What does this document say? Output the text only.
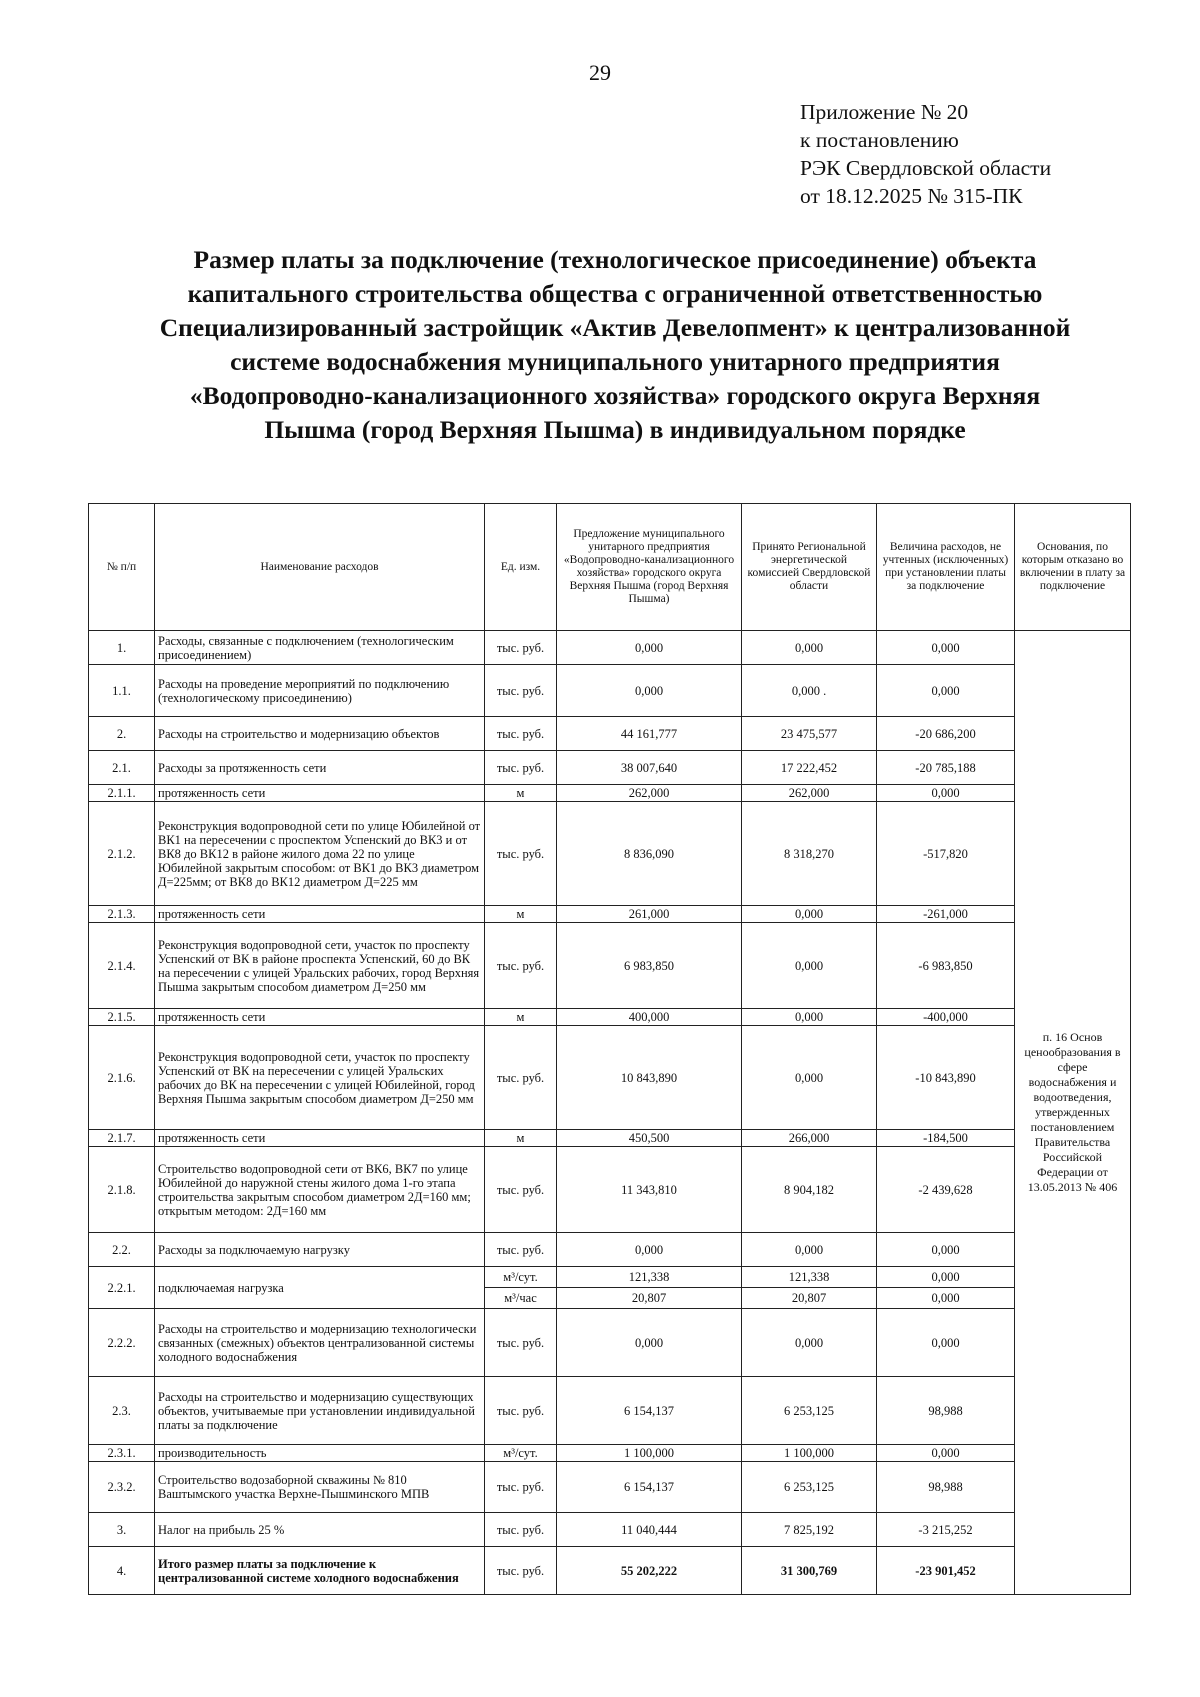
29
Приложение № 20
к постановлению
РЭК Свердловской области
от 18.12.2025 № 315-ПК
Размер платы за подключение (технологическое присоединение) объекта
капитального строительства общества с ограниченной ответственностью
Специализированный застройщик «Актив Девелопмент» к централизованной
системе водоснабжения муниципального унитарного предприятия
«Водопроводно-канализационного хозяйства» городского округа Верхняя
Пышма (город Верхняя Пышма) в индивидуальном порядке
№ п/п	Наименование расходов	Ед. изм.	Предложение муниципального унитарного предприятия «Водопроводно-канализационного хозяйства» городского округа Верхняя Пышма (город Верхняя Пышма)	Принято Региональной энергетической комиссией Свердловской области	Величина расходов, не учтенных (исключенных) при установлении платы за подключение	Основания, по которым отказано во включении в плату за подключение
1.	Расходы, связанные с подключением (технологическим присоединением)	тыс. руб.	0,000	0,000	0,000	п. 16 Основ ценообразования в сфере водоснабжения и водоотведения, утвержденных постановлением Правительства Российской Федерации от 13.05.2013 № 406
1.1.	Расходы на проведение мероприятий по подключению (технологическому присоединению)	тыс. руб.	0,000	0,000 .	0,000	
2.	Расходы на строительство и модернизацию объектов	тыс. руб.	44 161,777	23 475,577	-20 686,200	
2.1.	Расходы за протяженность сети	тыс. руб.	38 007,640	17 222,452	-20 785,188	
2.1.1.	протяженность сети	м	262,000	262,000	0,000	
2.1.2.	Реконструкция водопроводной сети по улице Юбилейной от ВК1 на пересечении с проспектом Успенский до ВК3 и от ВК8 до ВК12 в районе жилого дома 22 по улице Юбилейной закрытым способом: от ВК1 до ВК3 диаметром Д=225мм; от ВК8 до ВК12 диаметром Д=225 мм	тыс. руб.	8 836,090	8 318,270	-517,820	
2.1.3.	протяженность сети	м	261,000	0,000	-261,000	
2.1.4.	Реконструкция водопроводной сети, участок по проспекту Успенский от ВК в районе проспекта Успенский, 60 до ВК на пересечении с улицей Уральских рабочих, город Верхняя Пышма закрытым способом диаметром Д=250 мм	тыс. руб.	6 983,850	0,000	-6 983,850	
2.1.5.	протяженность сети	м	400,000	0,000	-400,000	
2.1.6.	Реконструкция водопроводной сети, участок по проспекту Успенский от ВК на пересечении с улицей Уральских рабочих до ВК на пересечении с улицей Юбилейной, город Верхняя Пышма закрытым способом диаметром Д=250 мм	тыс. руб.	10 843,890	0,000	-10 843,890	
2.1.7.	протяженность сети	м	450,500	266,000	-184,500	
2.1.8.	Строительство водопроводной сети от ВК6, ВК7 по улице Юбилейной до наружной стены жилого дома 1-го этапа строительства закрытым способом диаметром 2Д=160 мм; открытым методом: 2Д=160 мм	тыс. руб.	11 343,810	8 904,182	-2 439,628	
2.2.	Расходы за подключаемую нагрузку	тыс. руб.	0,000	0,000	0,000	
2.2.1.	подключаемая нагрузка	м³/сут.	121,338	121,338	0,000	
		м³/час	20,807	20,807	0,000	
2.2.2.	Расходы на строительство и модернизацию технологически связанных (смежных) объектов централизованной системы холодного водоснабжения	тыс. руб.	0,000	0,000	0,000	
2.3.	Расходы на строительство и модернизацию существующих объектов, учитываемые при установлении индивидуальной платы за подключение	тыс. руб.	6 154,137	6 253,125	98,988	
2.3.1.	производительность	м³/сут.	1 100,000	1 100,000	0,000	
2.3.2.	Строительство водозаборной скважины № 810 Ваштымского участка Верхне-Пышминского МПВ	тыс. руб.	6 154,137	6 253,125	98,988	
3.	Налог на прибыль 25 %	тыс. руб.	11 040,444	7 825,192	-3 215,252	
4.	Итого размер платы за подключение к централизованной системе холодного водоснабжения	тыс. руб.	55 202,222	31 300,769	-23 901,452	
